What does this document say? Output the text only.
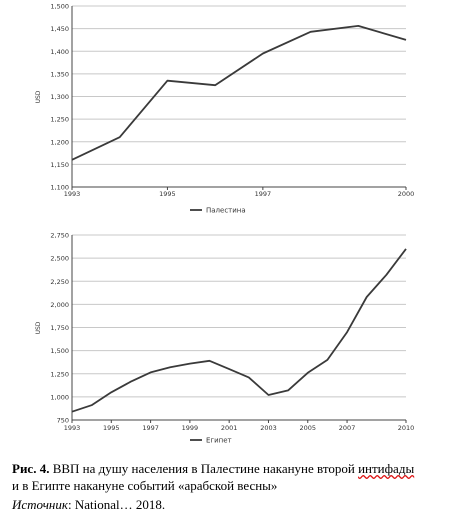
1,100
1,150
1,200
1,250
1,300
1,350
1,400
1,450
1,500
1993	1995	1997	2000
USD
Палестина
750
1,000
1,250
1,500
1,750
2,000
2,250
2,500
2,750
1993	1995	1997	1999	2001	2003	2005	2007	2010
USD
Египет
Рис. 4. ВВП на душу населения в Палестине накануне второй интифады
и в Египте накануне событий «арабской весны»
Источник: National… 2018.
